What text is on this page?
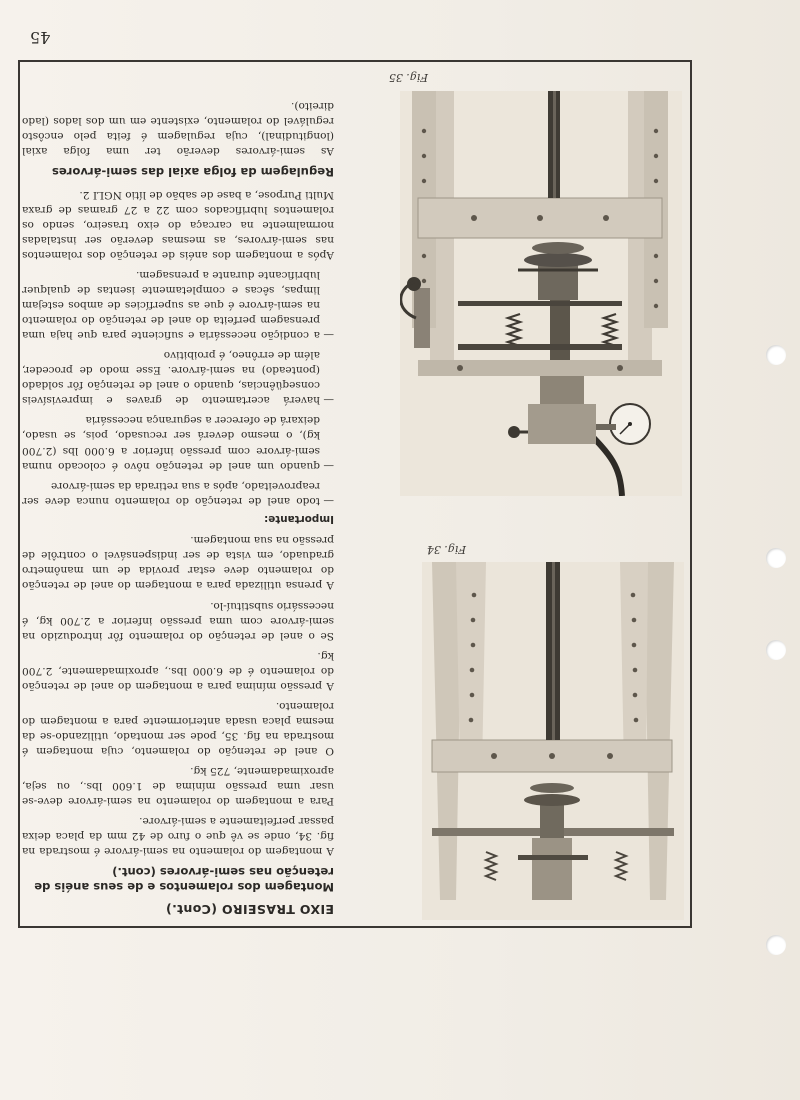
45
Fig. 34
Fig. 35
EIXO TRASEIRO (Cont.)
Montagem dos rolamentos e de seus anéis de retenção nas semi-árvores (cont.)

A montagem do rolamento na semi-árvore é mostrada na fig. 34, onde se vê que o furo de 42 mm da placa deixa passar perfeitamente a semi-árvore.

Para a montagem do rolamento na semi-árvore deve-se usar uma pressão mínima de 1.600 lbs., ou seja, aproximadamente, 725 kg.

O anel de retenção do rolamento, cuja montagem é mostrada na fig. 35, pode ser montado, utilizando-se da mesma placa usada anteriormente para a montagem do rolamento.

A pressão mínima para a montagem do anel de retenção do rolamento é de 6.000 lbs., aproximadamente, 2.700 kg.

Se o anel de retenção do rolamento fôr introduzido na semi-árvore com uma pressão inferior a 2.700 kg, é necessário substituí-lo.

A prensa utilizada para a montagem do anel de retenção do rolamento deve estar provida de um manômetro graduado, em vista de ser indispensável o contrôle de pressão na sua montagem.

Importante:
—
todo anel de retenção do rolamento nunca deve ser reaproveitado, após a sua retirada da semi-árvore
—
quando um anel de retenção nôvo é colocado numa semi-árvore com pressão inferior a 6.000 lbs (2.700 kg), o mesmo deverá ser recusado, pois, se usado, deixará de oferecer a segurança necessária
—
haverá acertamento de graves e imprevisíveis conseqüências, quando o anel de retenção fôr soldado (ponteado) na semi-árvore. Esse modo de proceder, além de errôneo, é proibitivo
—
a condição necessária e suficiente para que haja uma prensagem perfeita do anel de retenção do rolamento na semi-árvore é que as superfícies de ambos estejam limpas, sêcas e completamente isentas de qualquer lubrificante durante a prensagem.

Após a montagem dos anéis de retenção dos rolamentos nas semi-árvores, as mesmas deverão ser instaladas normalmente na carcaça do eixo traseiro, sendo os rolamentos lubrificados com 22 a 27 gramas de graxa Multi Purpose, a base de sabão de lítio NGLI 2.

Regulagem da folga axial das semi-árvores

As semi-árvores deverão ter uma folga axial (longitudinal), cuja regulagem é feita pelo encôsto regulável do rolamento, existente em um dos lados (lado direito).
